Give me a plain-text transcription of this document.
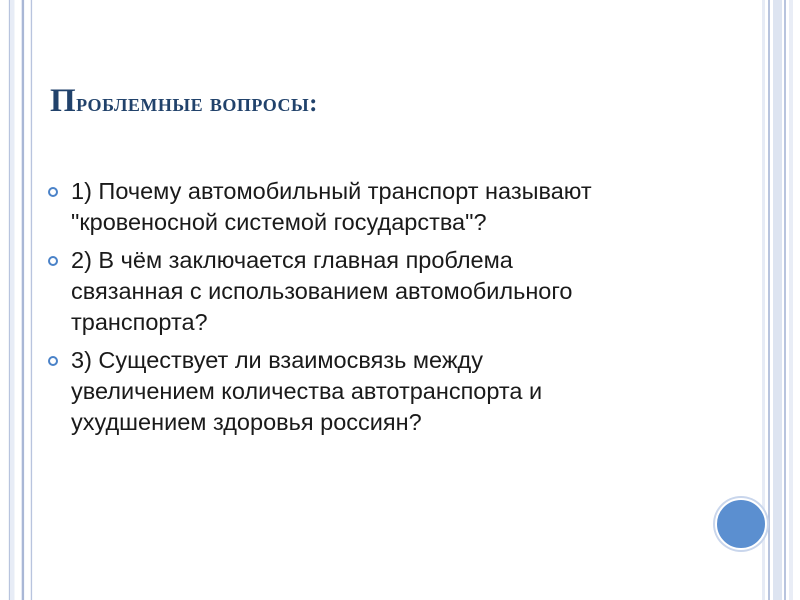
Проблемные вопросы:
1) Почему автомобильный транспорт называют
"кровеносной системой государства"?
2) В чём заключается главная проблема
связанная с использованием автомобильного
транспорта?
3) Существует ли взаимосвязь между
увеличением количества автотранспорта и
ухудшением здоровья россиян?
